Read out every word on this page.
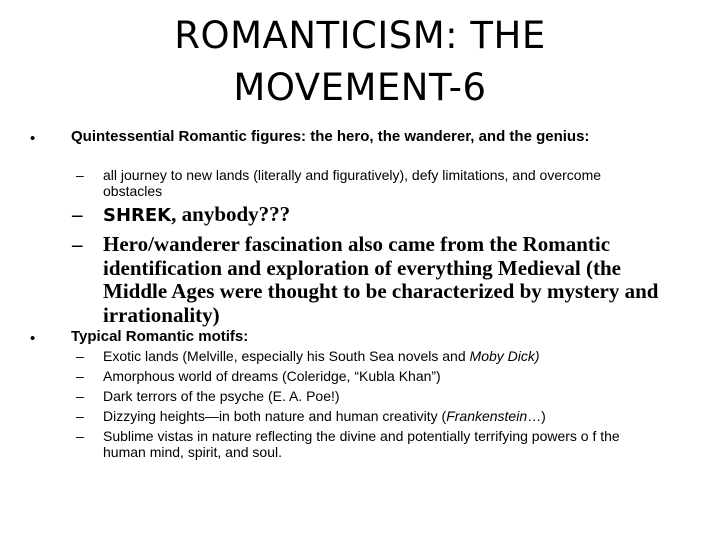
ROMANTICISM: THE
MOVEMENT-6
• Quintessential Romantic figures: the hero, the wanderer, and the genius:
– all journey to new lands (literally and figuratively), defy limitations, and overcome obstacles
– SHREK, anybody???
– Hero/wanderer fascination also came from the Romantic identification and exploration of everything Medieval (the Middle Ages were thought to be characterized by mystery and irrationality)
• Typical Romantic motifs:
– Exotic lands (Melville, especially his South Sea novels and Moby Dick)
– Amorphous world of dreams (Coleridge, “Kubla Khan”)
– Dark terrors of the psyche (E. A. Poe!)
– Dizzying heights—in both nature and human creativity (Frankenstein…)
– Sublime vistas in nature reflecting the divine and potentially terrifying powers o f the human mind, spirit, and soul.
